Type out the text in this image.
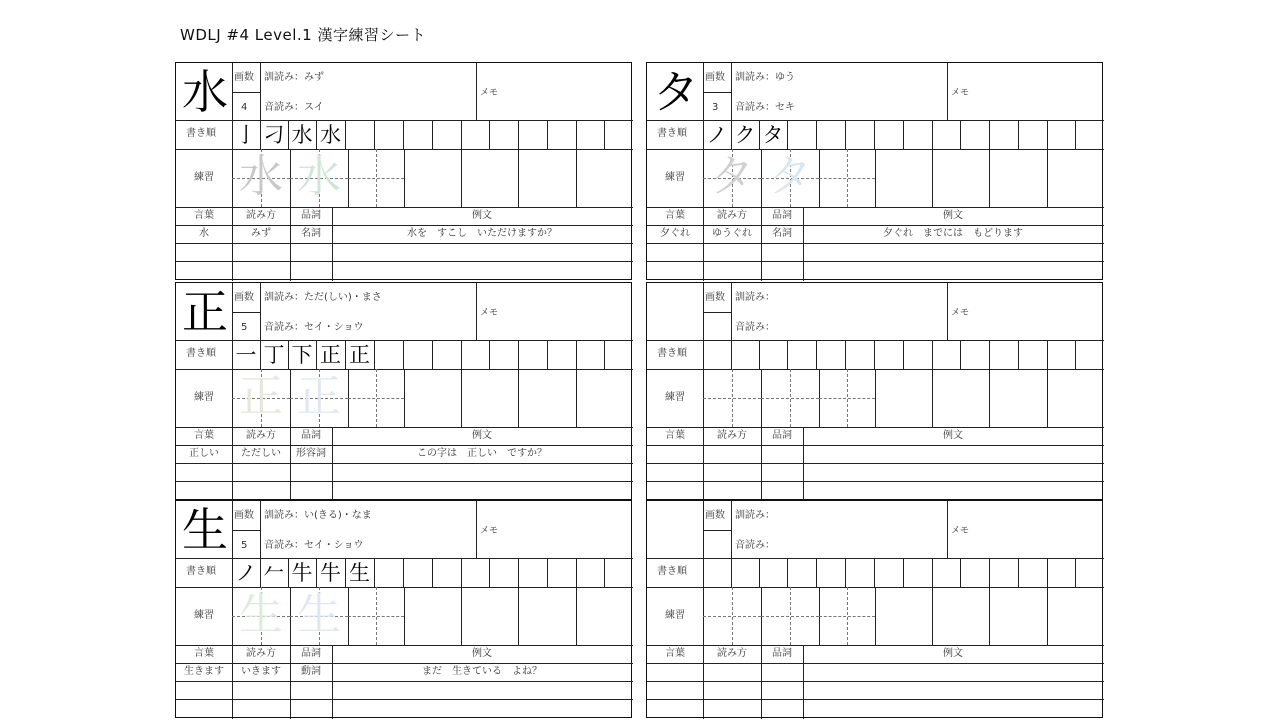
WDLJ #4 Level.1 漢字練習シート
水 画数
4
訓読み：みず
音読み：スイ
メモ
書き順
練習 水 水
言葉	読み方	品詞	例文
水	みず	名詞	水を　すこし　いただけますか？
亅 刁 水 水
タ 画数
3
訓読み：ゆう
音読み：セキ
メモ
書き順
練習 タ タ
言葉	読み方	品詞	例文
夕ぐれ	ゆうぐれ	名詞	夕ぐれ　までには　もどります
ノ ク タ
正 画数
5
訓読み：ただ(しい)・まさ
音読み：セイ・ショウ
メモ
書き順
練習 正 正
言葉	読み方	品詞	例文
正しい	ただしい	形容詞	この字は　正しい　ですか？
一 丁 下 正 正
画数 訓読み：
音読み：
メモ
書き順
練習
言葉	読み方	品詞	例文
生 画数
5
訓読み：い(きる)・なま
音読み：セイ・ショウ
メモ
書き順
練習 生 生
言葉	読み方	品詞	例文
生きます	いきます	動詞	まだ　生きている　よね？
ノ 𠂉 牛 牛 生
画数 訓読み：
音読み：
メモ
書き順
練習
言葉	読み方	品詞	例文
